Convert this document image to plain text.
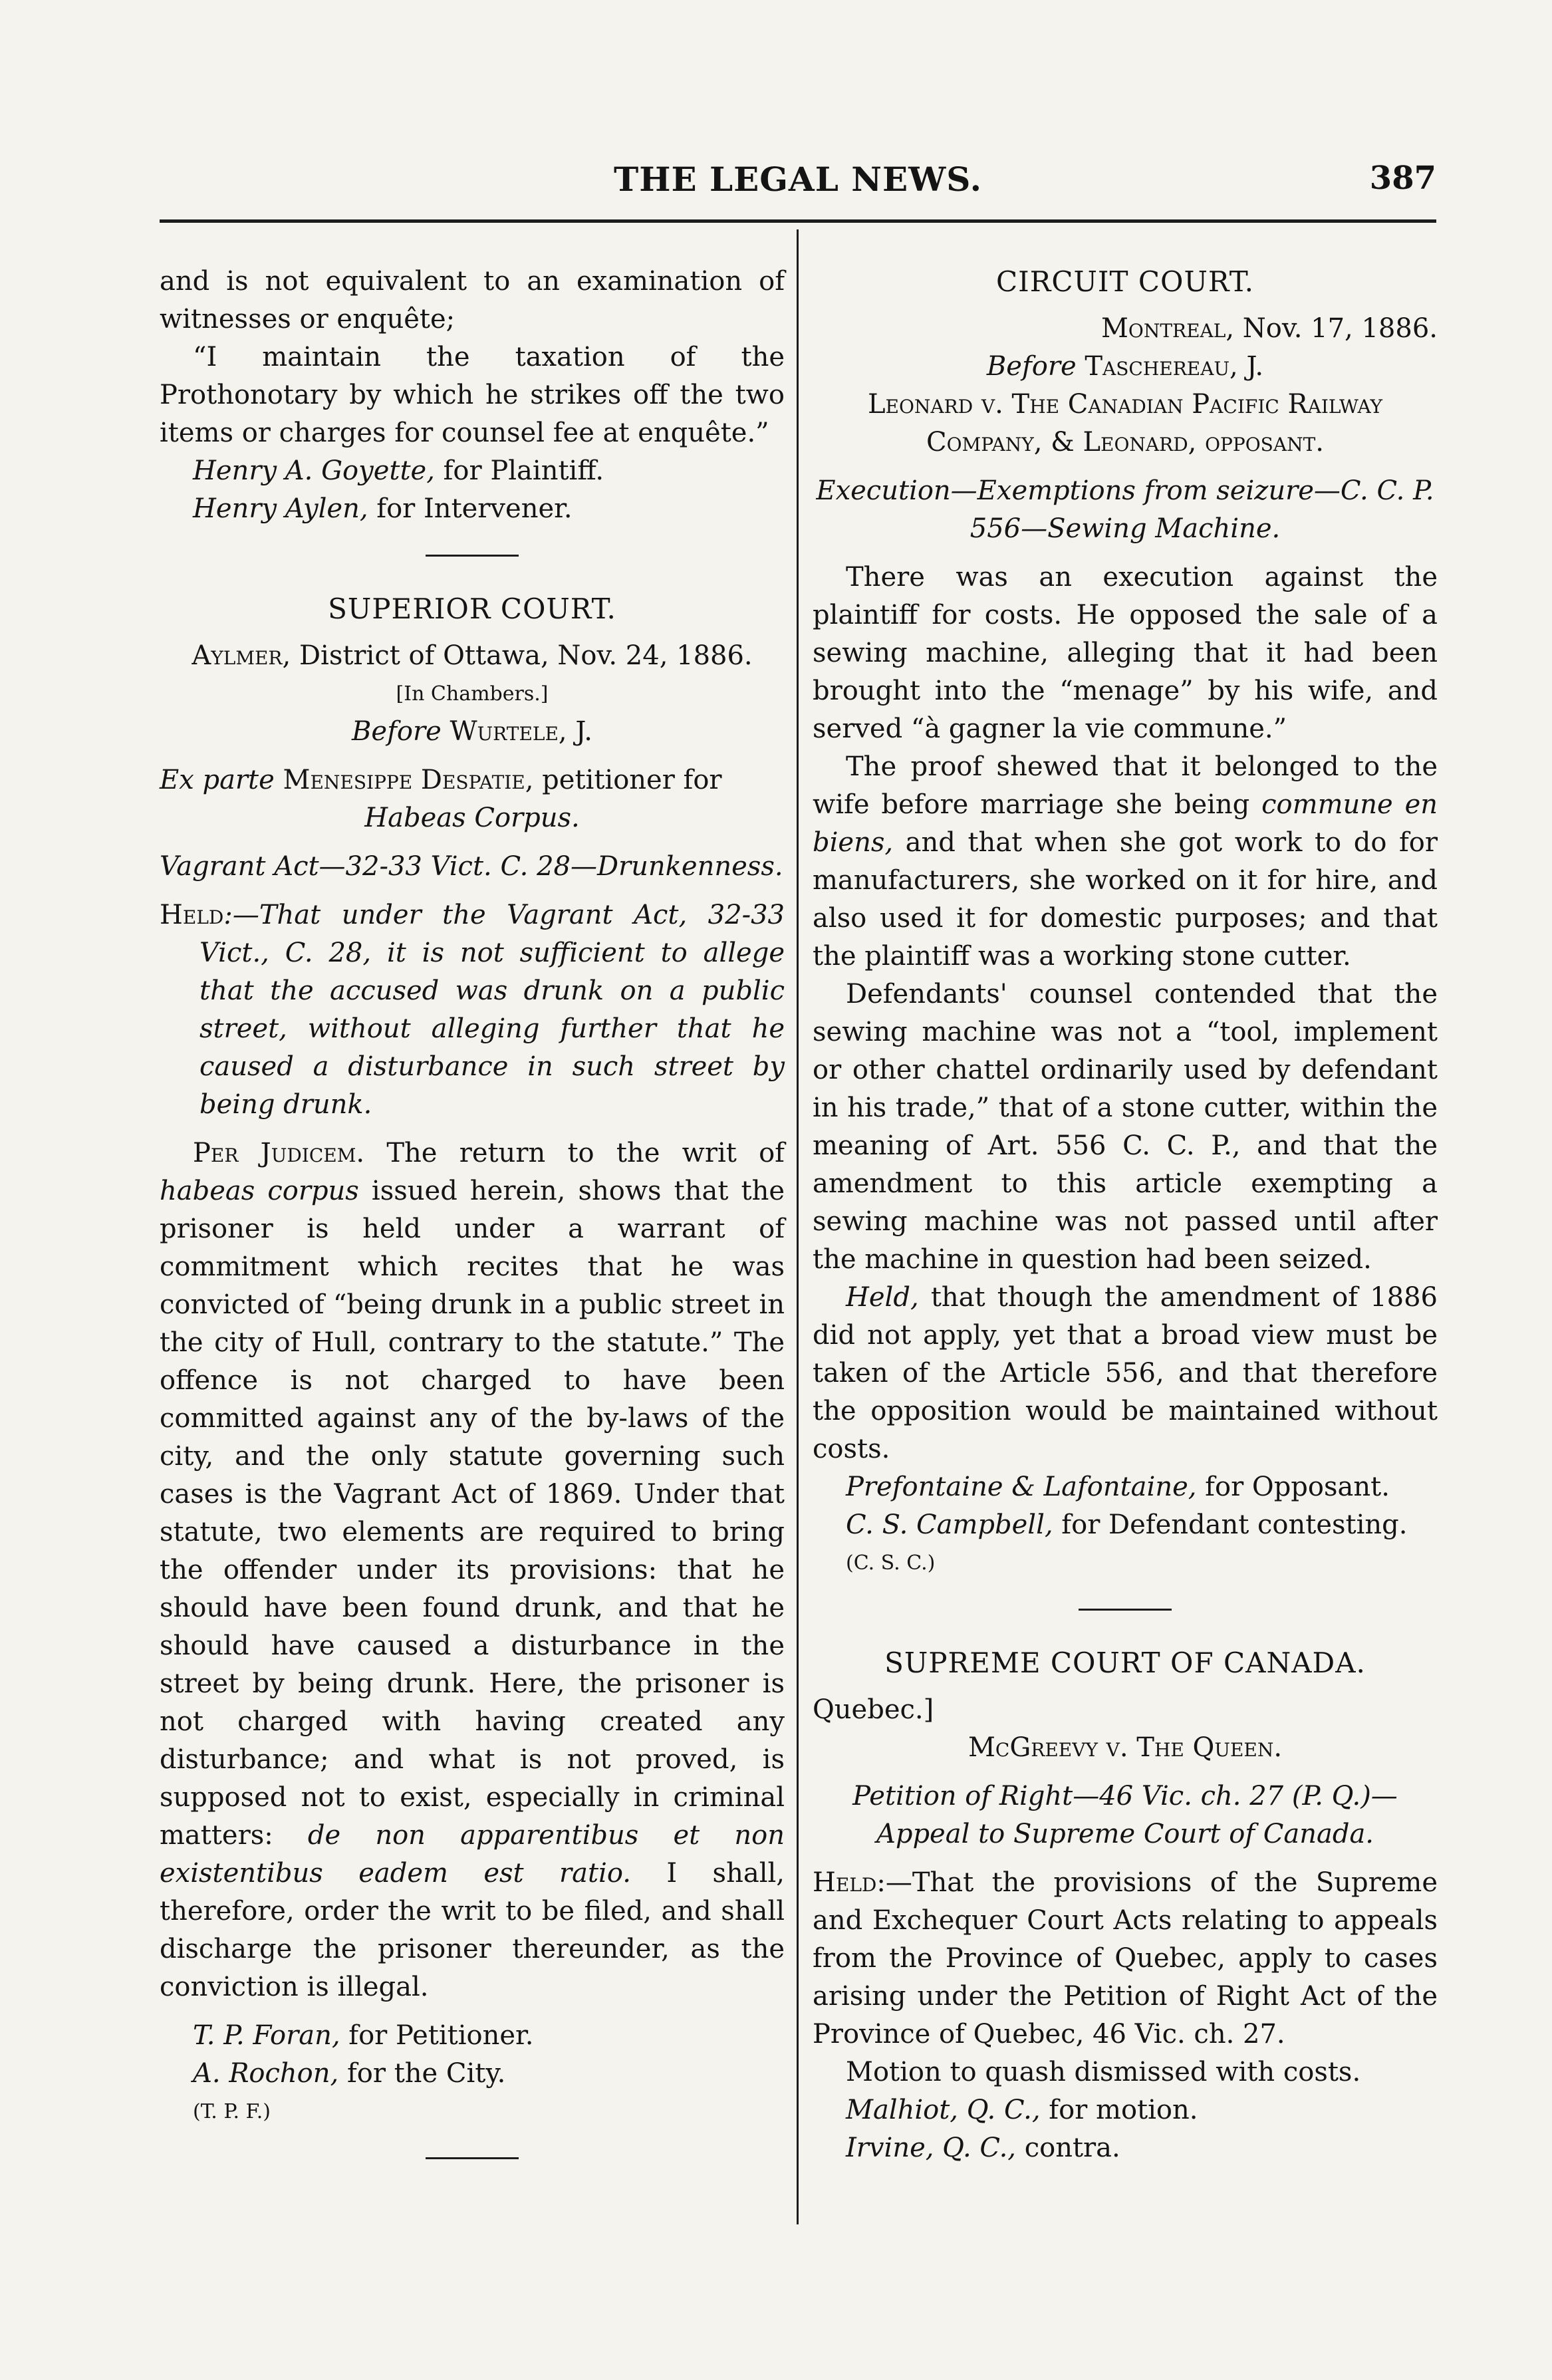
THE LEGAL NEWS.	387

and is not equivalent to an examination of witnesses or enquête;

“I maintain the taxation of the Prothonotary by which he strikes off the two items or charges for counsel fee at enquête.”

Henry A. Goyette, for Plaintiff.

Henry Aylen, for Intervener.

SUPERIOR COURT.

Aylmer, District of Ottawa, Nov. 24, 1886.

[In Chambers.]

Before Wurtele, J.

Ex parte Menesippe Despatie, petitioner for

Habeas Corpus.

Vagrant Act—32-33 Vict. C. 28—Drunkenness.

Held:—That under the Vagrant Act, 32-33 Vict., C. 28, it is not sufficient to allege that the accused was drunk on a public street, without alleging further that he caused a disturbance in such street by being drunk.

Per Judicem. The return to the writ of habeas corpus issued herein, shows that the prisoner is held under a warrant of commitment which recites that he was convicted of “being drunk in a public street in the city of Hull, contrary to the statute.” The offence is not charged to have been committed against any of the by-laws of the city, and the only statute governing such cases is the Vagrant Act of 1869. Under that statute, two elements are required to bring the offender under its provisions: that he should have been found drunk, and that he should have caused a disturbance in the street by being drunk. Here, the prisoner is not charged with having created any disturbance; and what is not proved, is supposed not to exist, especially in criminal matters: de non apparentibus et non existentibus eadem est ratio. I shall, therefore, order the writ to be filed, and shall discharge the prisoner thereunder, as the conviction is illegal.

T. P. Foran, for Petitioner.

A. Rochon, for the City.

(T. P. F.)

CIRCUIT COURT.

Montreal, Nov. 17, 1886.

Before Taschereau, J.

Leonard v. The Canadian Pacific Railway

Company, & Leonard, opposant.

Execution—Exemptions from seizure—C. C. P. 556—Sewing Machine.

There was an execution against the plaintiff for costs. He opposed the sale of a sewing machine, alleging that it had been brought into the “menage” by his wife, and served “à gagner la vie commune.”

The proof shewed that it belonged to the wife before marriage she being commune en biens, and that when she got work to do for manufacturers, she worked on it for hire, and also used it for domestic purposes; and that the plaintiff was a working stone cutter.

Defendants' counsel contended that the sewing machine was not a “tool, implement or other chattel ordinarily used by defendant in his trade,” that of a stone cutter, within the meaning of Art. 556 C. C. P., and that the amendment to this article exempting a sewing machine was not passed until after the machine in question had been seized.

Held, that though the amendment of 1886 did not apply, yet that a broad view must be taken of the Article 556, and that therefore the opposition would be maintained without costs.

Prefontaine & Lafontaine, for Opposant.

C. S. Campbell, for Defendant contesting.

(C. S. C.)

SUPREME COURT OF CANADA.

Quebec.]

McGreevy v. The Queen.

Petition of Right—46 Vic. ch. 27 (P. Q.)—

Appeal to Supreme Court of Canada.

Held:—That the provisions of the Supreme and Exchequer Court Acts relating to appeals from the Province of Quebec, apply to cases arising under the Petition of Right Act of the Province of Quebec, 46 Vic. ch. 27.

Motion to quash dismissed with costs.

Malhiot, Q. C., for motion.

Irvine, Q. C., contra.
